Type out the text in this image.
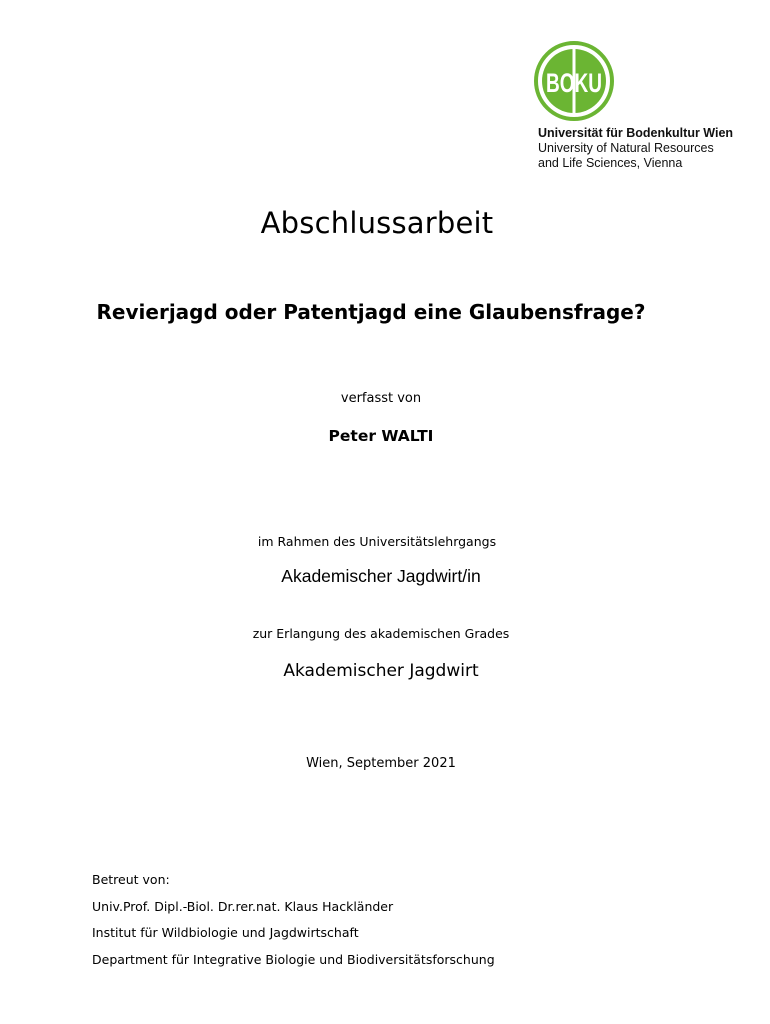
BOKU
Universität für Bodenkultur Wien
University of Natural Resources
and Life Sciences, Vienna
Abschlussarbeit
Revierjagd oder Patentjagd eine Glaubensfrage?
verfasst von
Peter WALTI
im Rahmen des Universitätslehrgangs
Akademischer Jagdwirt/in
zur Erlangung des akademischen Grades
Akademischer Jagdwirt
Wien, September 2021
Betreut von:
Univ.Prof. Dipl.-Biol. Dr.rer.nat. Klaus Hackländer
Institut für Wildbiologie und Jagdwirtschaft
Department für Integrative Biologie und Biodiversitätsforschung
